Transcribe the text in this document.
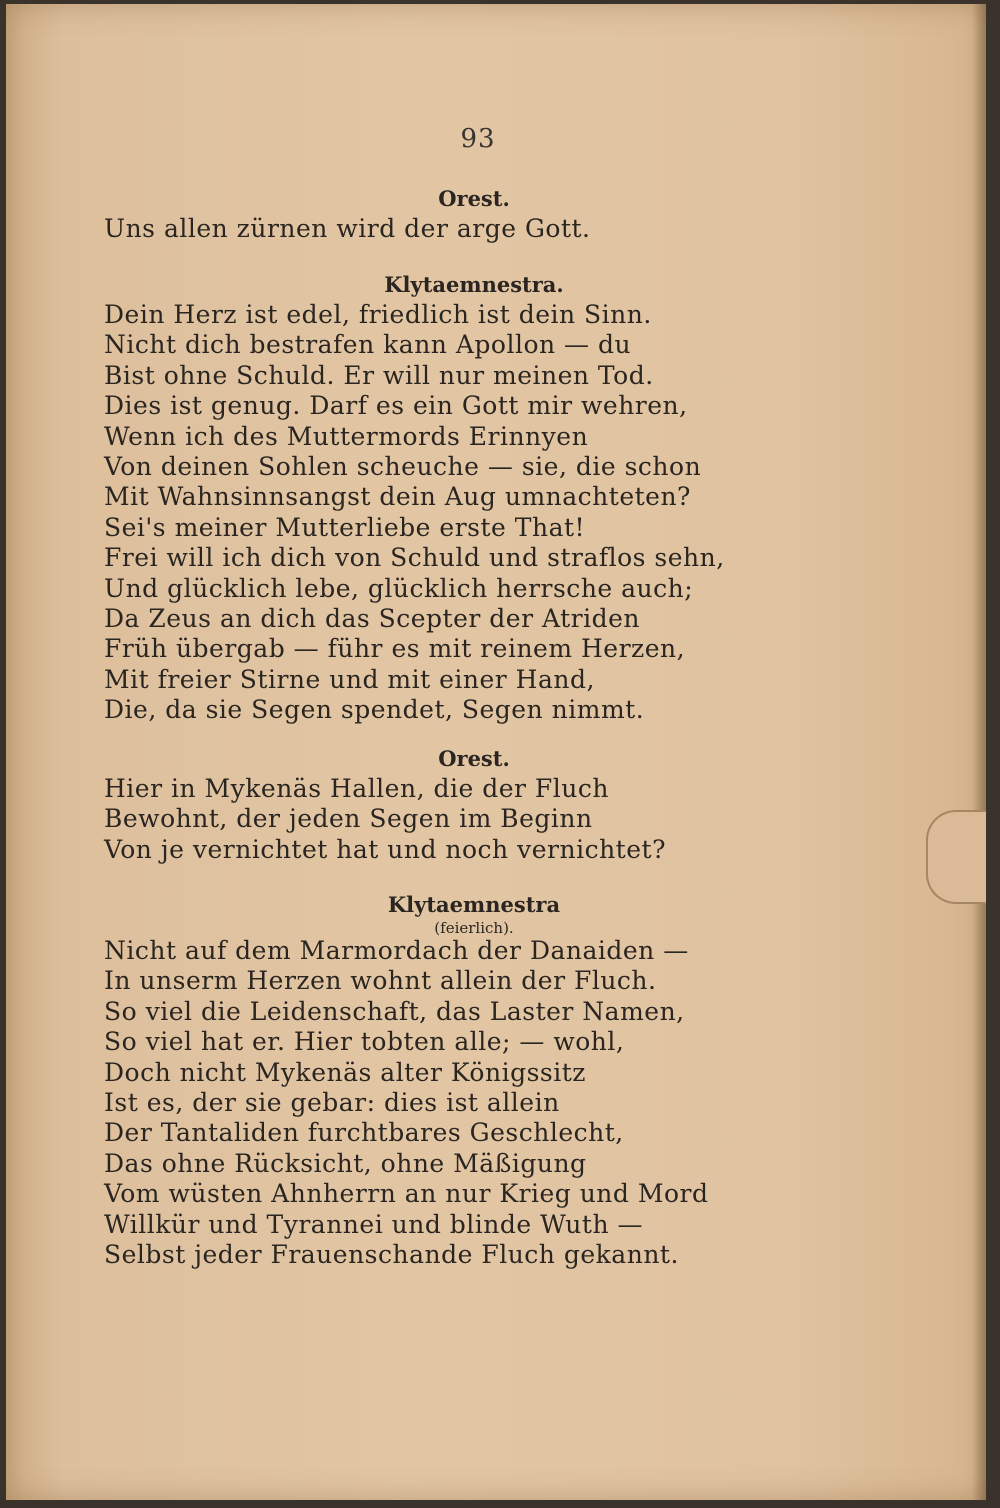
93
Orest.
Uns allen zürnen wird der arge Gott.
Klytaemnestra.
Dein Herz ist edel, friedlich ist dein Sinn.
Nicht dich bestrafen kann Apollon — du
Bist ohne Schuld. Er will nur meinen Tod.
Dies ist genug. Darf es ein Gott mir wehren,
Wenn ich des Muttermords Erinnyen
Von deinen Sohlen scheuche — sie, die schon
Mit Wahnsinnsangst dein Aug umnachteten?
Sei's meiner Mutterliebe erste That!
Frei will ich dich von Schuld und straflos sehn,
Und glücklich lebe, glücklich herrsche auch;
Da Zeus an dich das Scepter der Atriden
Früh übergab — führ es mit reinem Herzen,
Mit freier Stirne und mit einer Hand,
Die, da sie Segen spendet, Segen nimmt.
Orest.
Hier in Mykenäs Hallen, die der Fluch
Bewohnt, der jeden Segen im Beginn
Von je vernichtet hat und noch vernichtet?
Klytaemnestra
(feierlich).
Nicht auf dem Marmordach der Danaiden —
In unserm Herzen wohnt allein der Fluch.
So viel die Leidenschaft, das Laster Namen,
So viel hat er. Hier tobten alle; — wohl,
Doch nicht Mykenäs alter Königssitz
Ist es, der sie gebar: dies ist allein
Der Tantaliden furchtbares Geschlecht,
Das ohne Rücksicht, ohne Mäßigung
Vom wüsten Ahnherrn an nur Krieg und Mord
Willkür und Tyrannei und blinde Wuth —
Selbst jeder Frauenschande Fluch gekannt.
